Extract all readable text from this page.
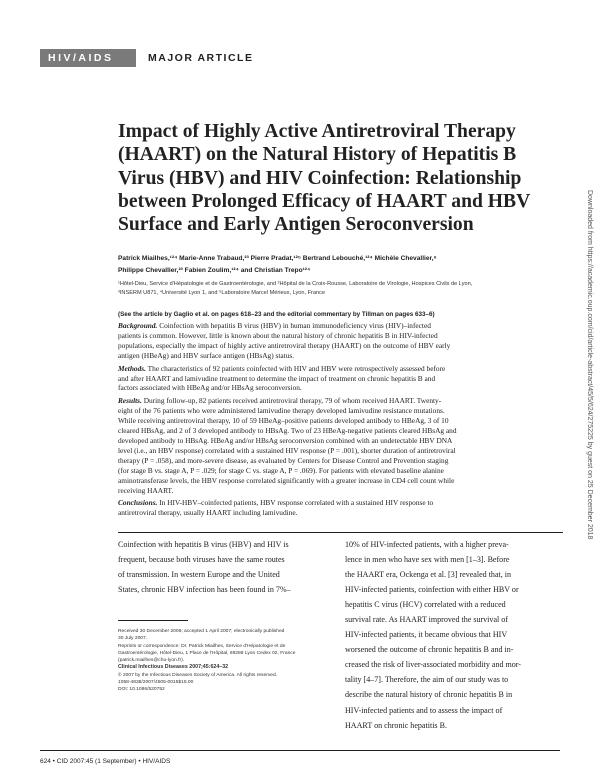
HIV/AIDS	MAJOR ARTICLE
Impact of Highly Active Antiretroviral Therapy
(HAART) on the Natural History of Hepatitis B
Virus (HBV) and HIV Coinfection: Relationship
between Prolonged Efficacy of HAART and HBV
Surface and Early Antigen Seroconversion
Patrick Miailhes,¹²⁴ Marie-Anne Trabaud,²³ Pierre Pradat,¹²⁵ Bertrand Lebouché,¹²⁴ Michèle Chevallier,⁶
Philippe Chevallier,²³ Fabien Zoulim,¹²⁴ and Christian Trepo¹²⁴
¹Hôtel-Dieu, Service d'Hépatologie et de Gastroentérologie, and ²Hôpital de la Croix-Rousse, Laboratoire de Virologie, Hospices Civils de Lyon,
³INSERM U871, ⁴Université Lyon 1, and ⁵Laboratoire Marcel Mérieux, Lyon, France
(See the article by Gaglio et al. on pages 618–23 and the editorial commentary by Tillman on pages 633–6)

Background. Coinfection with hepatitis B virus (HBV) in human immunodeficiency virus (HIV)–infected
patients is common. However, little is known about the natural history of chronic hepatitis B in HIV-infected
populations, especially the impact of highly active antiretroviral therapy (HAART) on the outcome of HBV early
antigen (HBeAg) and HBV surface antigen (HBsAg) status.

Methods. The characteristics of 92 patients coinfected with HIV and HBV were retrospectively assessed before
and after HAART and lamivudine treatment to determine the impact of treatment on chronic hepatitis B and
factors associated with HBeAg and/or HBsAg seroconversion.

Results. During follow-up, 82 patients received antiretroviral therapy, 79 of whom received HAART. Twenty-
eight of the 76 patients who were administered lamivudine therapy developed lamivudine resistance mutations.
While receiving antiretroviral therapy, 10 of 59 HBeAg–positive patients developed antibody to HBeAg, 3 of 10
cleared HBsAg, and 2 of 3 developed antibody to HBsAg. Two of 23 HBeAg-negative patients cleared HBsAg and
developed antibody to HBsAg. HBeAg and/or HBsAg seroconversion combined with an undetectable HBV DNA
level (i.e., an HBV response) correlated with a sustained HIV response (P = .001), shorter duration of antiretroviral
therapy (P = .058), and more-severe disease, as evaluated by Centers for Disease Control and Prevention staging
(for stage B vs. stage A, P = .029; for stage C vs. stage A, P = .069). For patients with elevated baseline alanine
aminotransferase levels, the HBV response correlated significantly with a greater increase in CD4 cell count while
receiving HAART.

Conclusions. In HIV-HBV–coinfected patients, HBV response correlated with a sustained HIV response to
antiretroviral therapy, usually HAART including lamivudine.

Coinfection with hepatitis B virus (HBV) and HIV is
frequent, because both viruses have the same routes
of transmission. In western Europe and the United
States, chronic HBV infection has been found in 7%–
10% of HIV-infected patients, with a higher preva-
lence in men who have sex with men [1–3]. Before
the HAART era, Ockenga et al. [3] revealed that, in
HIV-infected patients, coinfection with either HBV or
hepatitis C virus (HCV) correlated with a reduced
survival rate. As HAART improved the survival of
HIV-infected patients, it became obvious that HIV
worsened the outcome of chronic hepatitis B and in-
creased the risk of liver-associated morbidity and mor-
tality [4–7]. Therefore, the aim of our study was to
describe the natural history of chronic hepatitis B in
HIV-infected patients and to assess the impact of
HAART on chronic hepatitis B.
Received 30 December 2006; accepted 1 April 2007; electronically published
30 July 2007.
Reprints or correspondence: Dr. Patrick Miailhes, Service d'Hépatologie et de
Gastroentérologie, Hôtel-Dieu, 1 Place de l'Hôpital, 69288 Lyon Cedex 02, France
(patrick.miailhes@chu-lyon.fr).
Clinical Infectious Diseases 2007;45:624–32
© 2007 by the Infectious Diseases Society of America. All rights reserved.
1058-4838/2007/4505-0015$15.00
DOI: 10.1086/520752
624 • CID 2007:45 (1 September) • HIV/AIDS
Downloaded from https://academic.oup.com/cid/article-abstract/45/5/624/275225 by guest on 25 December 2018
